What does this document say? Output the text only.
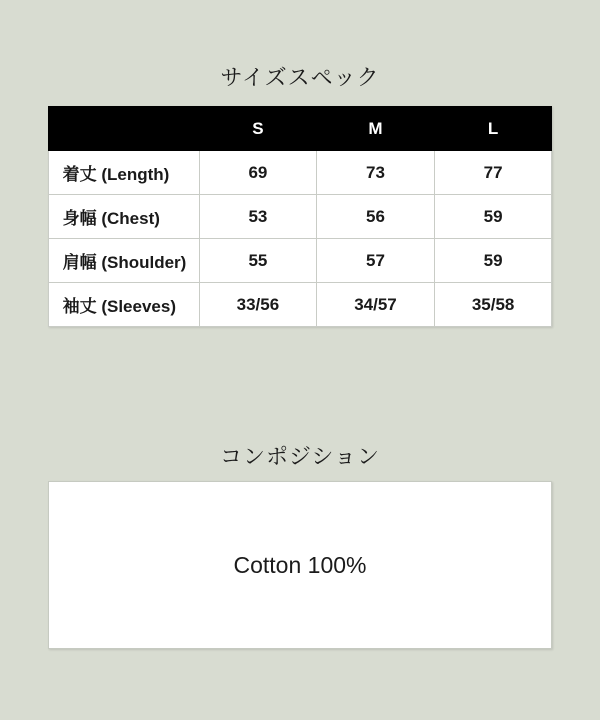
サイズスペック
	S	M	L
着丈 (Length)	69	73	77
身幅 (Chest)	53	56	59
肩幅 (Shoulder)	55	57	59
袖丈 (Sleeves)	33/56	34/57	35/58
コンポジション
Cotton 100%
